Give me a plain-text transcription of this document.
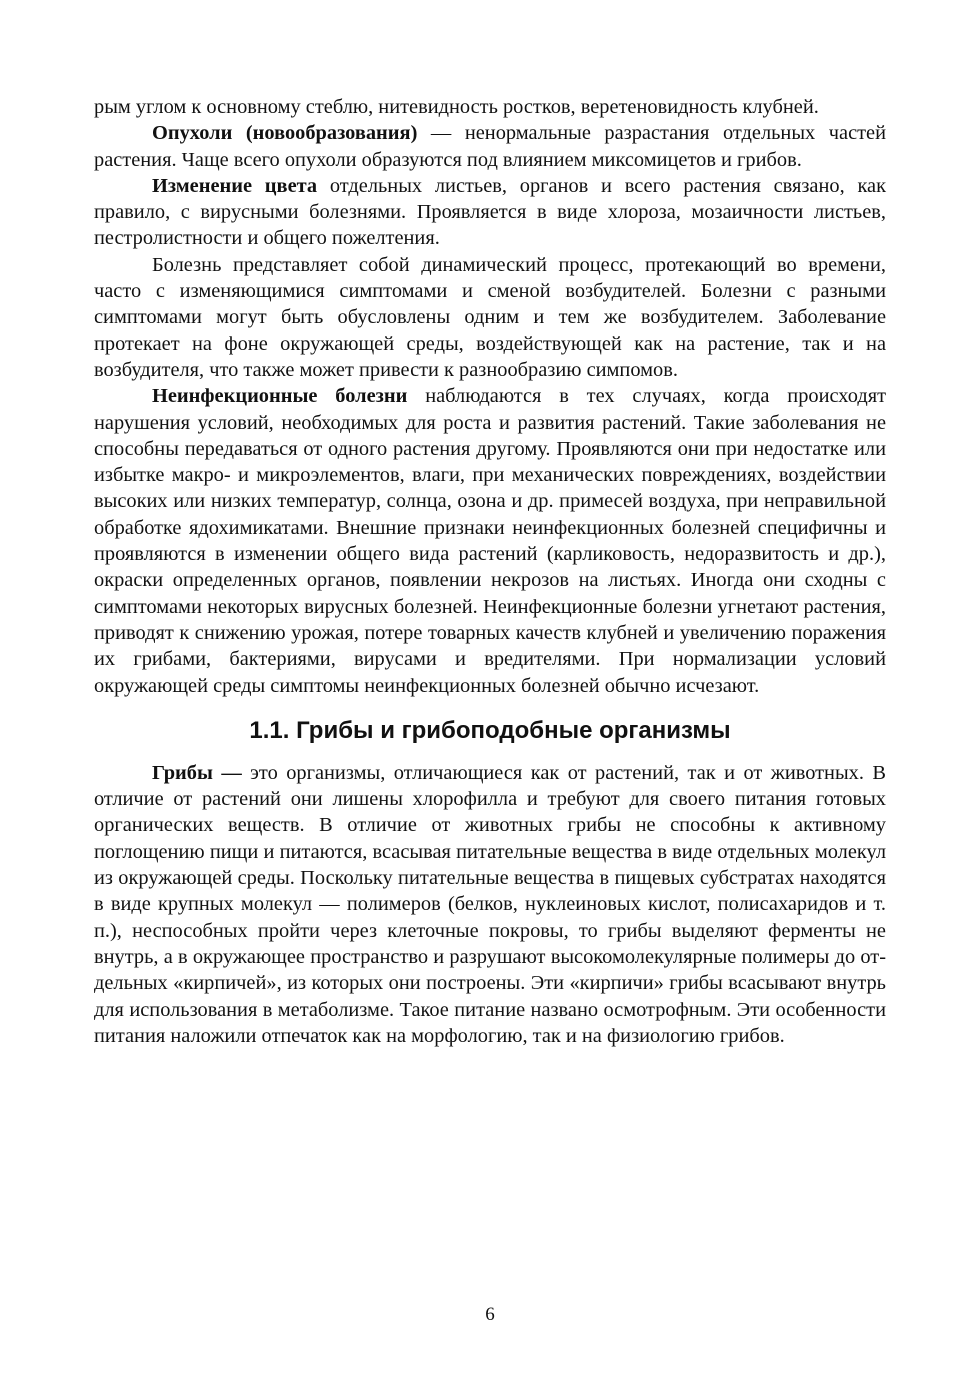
рым углом к основному стеблю, нитевидность ростков, веретеновидность клубней.

Опухоли (новообразования) — ненормальные разрастания отдельных частей растения. Чаще всего опухоли образуются под влиянием миксомицетов и грибов.

Изменение цвета отдельных листьев, органов и всего растения связано, как правило, с вирусными болезнями. Проявляется в виде хлороза, мозаичности листьев, пестролистности и общего пожелтения.

Болезнь представляет собой динамический процесс, протекающий во времени, часто с изменяющимися симптомами и сменой возбудителей. Болезни с разными симптомами могут быть обусловлены одним и тем же возбудителем. Заболевание протекает на фоне окружающей среды, воздействующей как на растение, так и на возбудителя, что также может привести к разнообразию симпомов.

Неинфекционные болезни наблюдаются в тех случаях, когда происходят нарушения условий, необходимых для роста и развития растений. Такие заболевания не способны передаваться от одного растения другому. Проявляются они при недостатке или избытке макро- и микроэлементов, влаги, при механических повреждениях, воздействии высоких или низких температур, солнца, озона и др. примесей воздуха, при неправильной обработке ядохимикатами. Внешние признаки неинфекционных болезней специфичны и проявляются в изменении общего вида растений (карликовость, недоразвитость и др.), окраски определенных органов, появлении некрозов на листьях. Иногда они сходны с симптомами некоторых вирусных болезней. Неинфекционные болезни угнетают растения, приводят к снижению урожая, потере товарных качеств клубней и увеличению поражения их грибами, бактериями, вирусами и вредителями. При нормализации условий окружающей среды симптомы неинфекционных болезней обычно исчезают.

1.1. Грибы и грибоподобные организмы

Грибы — это организмы, отличающиеся как от растений, так и от животных. В отличие от растений они лишены хлорофилла и требуют для своего питания готовых органических веществ. В отличие от животных грибы не способны к активному поглощению пищи и питаются, всасывая питательные вещества в виде отдельных молекул из окружающей среды. Поскольку питательные вещества в пищевых субстратах находятся в виде крупных молекул — полимеров (белков, нуклеиновых кислот, полисахаридов и т. п.), неспособных пройти через клеточные покровы, то грибы выделяют ферменты не внутрь, а в окружающее пространство и разрушают высокомолекулярные полимеры до отдельных «кирпичей», из которых они построены. Эти «кирпичи» грибы всасывают внутрь для использования в метаболизме. Такое питание названо осмотрофным. Эти особенности питания наложили отпечаток как на морфологию, так и на физиологию грибов.

6
